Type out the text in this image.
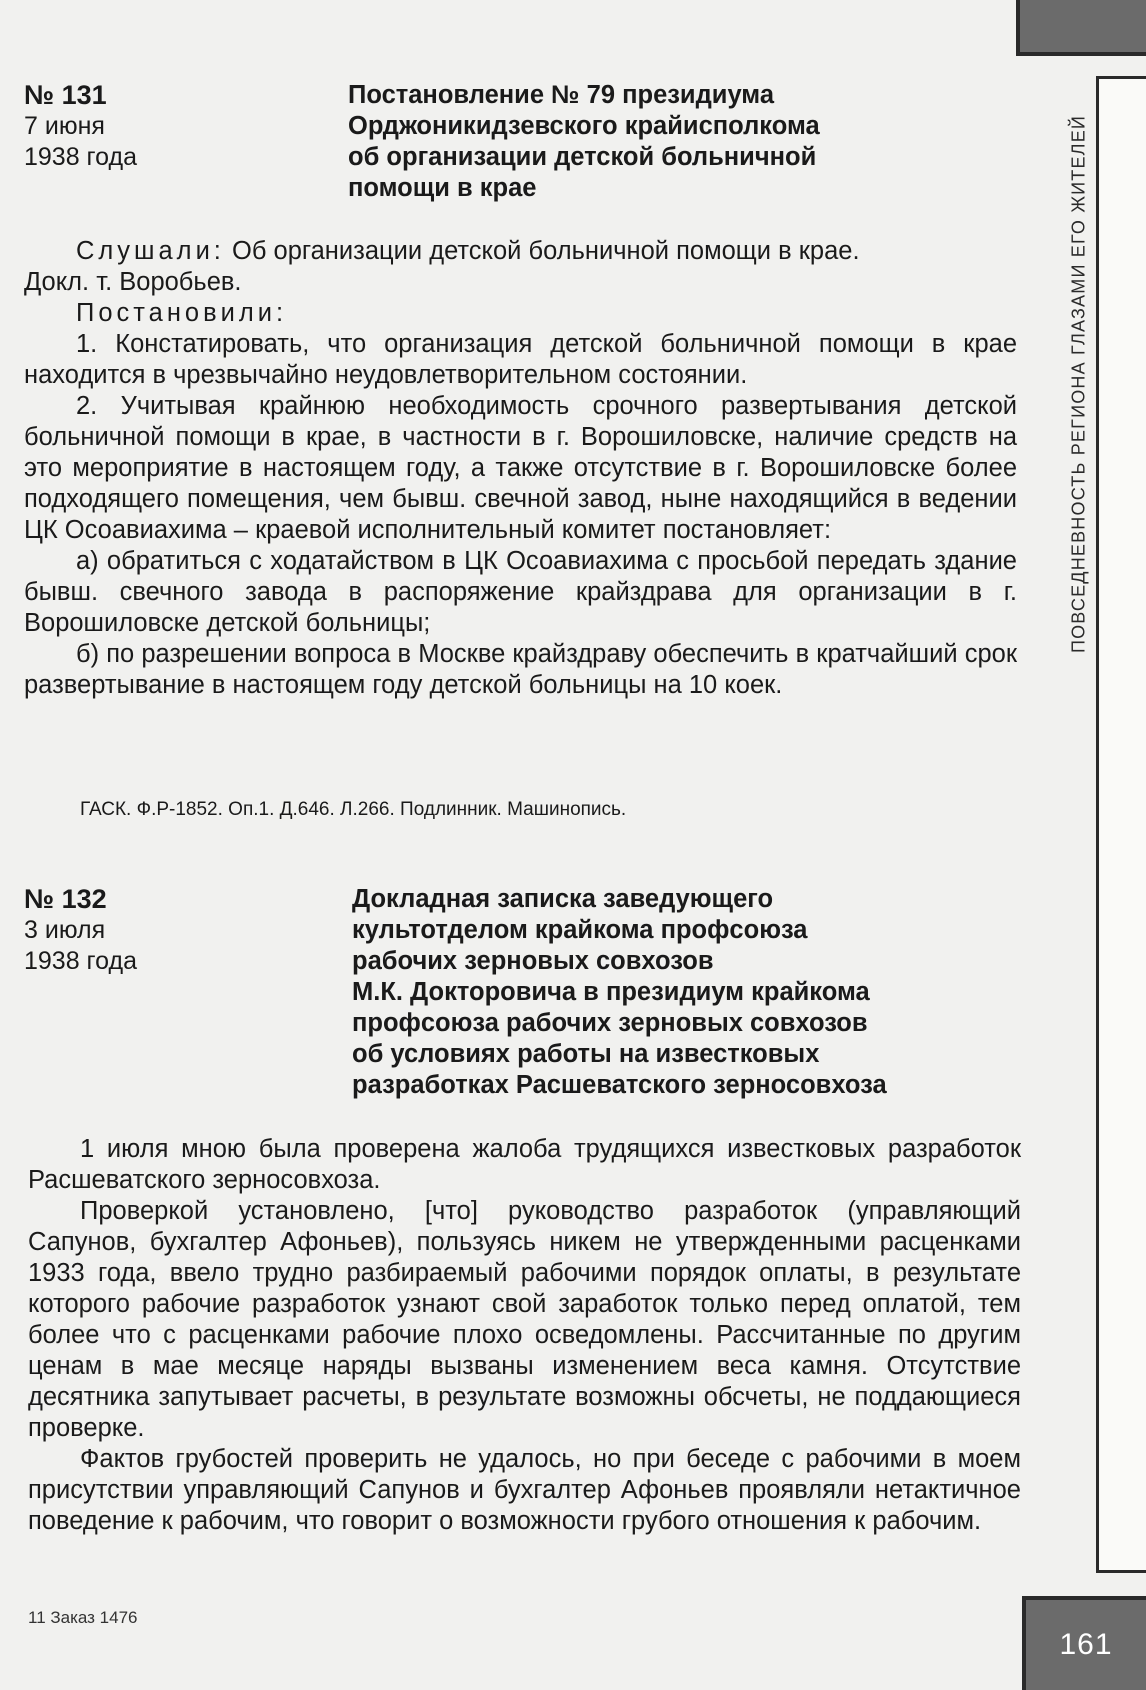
ПОВСЕДНЕВНОСТЬ РЕГИОНА ГЛАЗАМИ ЕГО ЖИТЕЛЕЙ
№ 131
7 июня
1938 года
Постановление № 79 президиума
Орджоникидзевского крайисполкома
об организации детской больничной
помощи в крае

Слушали: Об организации детской больничной помощи в крае.

Докл. т. Воробьев.

Постановили:

1. Констатировать, что организация детской больничной помощи в крае находится в чрезвычайно неудовлетворительном состоянии.

2. Учитывая крайнюю необходимость срочного развертывания детской больничной помощи в крае, в частности в г. Ворошиловске, наличие средств на это мероприятие в настоящем году, а также отсутствие в г. Ворошиловске более подходящего помещения, чем бывш. свечной завод, ныне находящийся в ведении ЦК Осоавиахима – краевой исполнительный комитет постановляет:

а) обратиться с ходатайством в ЦК Осоавиахима с просьбой передать здание бывш. свечного завода в распоряжение крайздрава для организации в г. Ворошиловске детской больницы;

б) по разрешении вопроса в Москве крайздраву обеспечить в кратчайший срок развертывание в настоящем году детской больницы на 10 коек.

ГАСК. Ф.Р-1852. Оп.1. Д.646. Л.266. Подлинник. Машинопись.
№ 132
3 июля
1938 года
Докладная записка заведующего
культотделом крайкома профсоюза
рабочих зерновых совхозов
М.К. Докторовича в президиум крайкома
профсоюза рабочих зерновых совхозов
об условиях работы на известковых
разработках Расшеватского зерносовхоза

1 июля мною была проверена жалоба трудящихся известковых разработок Расшеватского зерносовхоза.

Проверкой установлено, [что] руководство разработок (управляющий Сапунов, бухгалтер Афоньев), пользуясь никем не утвержденными расценками 1933 года, ввело трудно разбираемый рабочими порядок оплаты, в результате которого рабочие разработок узнают свой заработок только перед оплатой, тем более что с расценками рабочие плохо осведомлены. Рассчитанные по другим ценам в мае месяце наряды вызваны изменением веса камня. Отсутствие десятника запутывает расчеты, в результате возможны обсчеты, не поддающиеся проверке.

Фактов грубостей проверить не удалось, но при беседе с рабочими в моем присутствии управляющий Сапунов и бухгалтер Афоньев проявляли нетактичное поведение к рабочим, что говорит о возможности грубого отношения к рабочим.

11 Заказ 1476
161
